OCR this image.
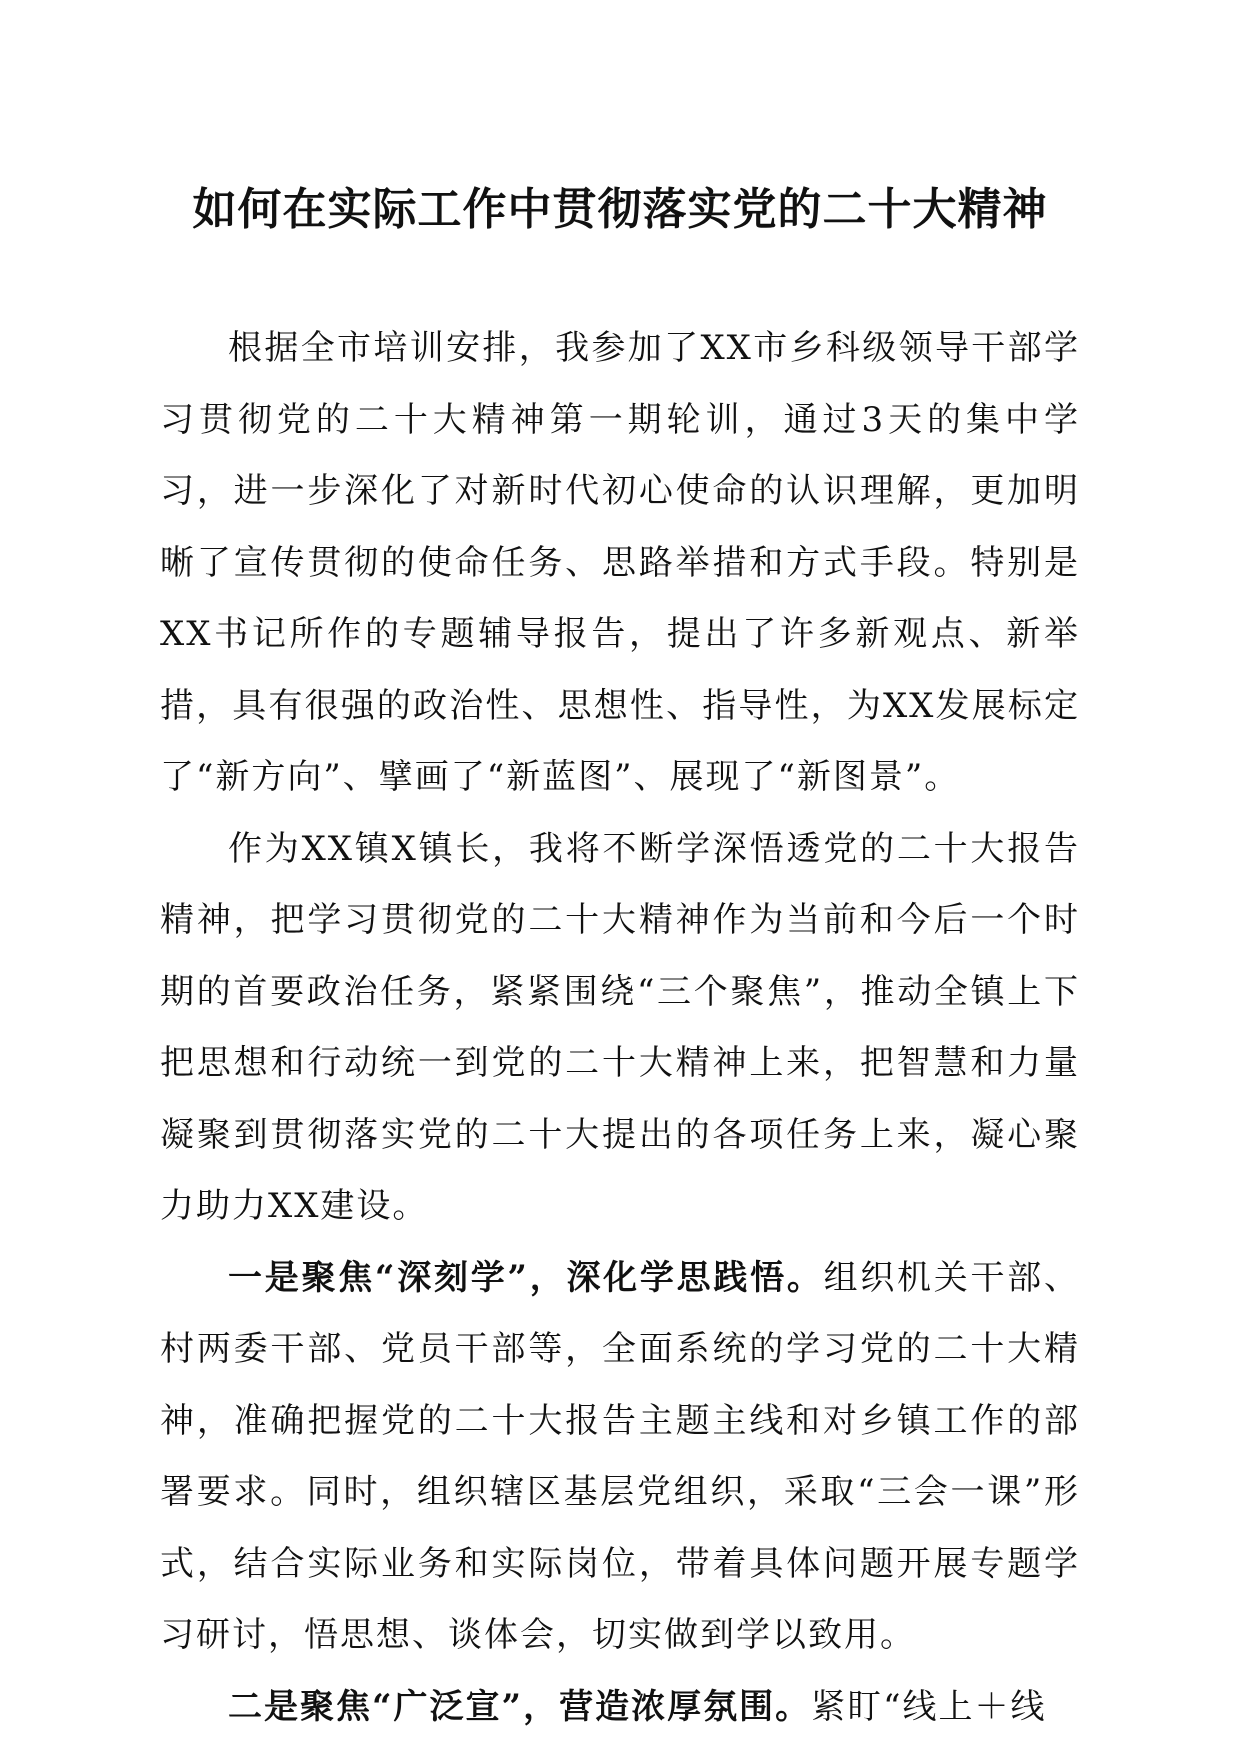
如何在实际工作中贯彻落实党的二十大精神

根据全市培训安排，我参加了XX市乡科级领导干部学习贯彻党的二十大精神第一期轮训，通过3天的集中学习，进一步深化了对新时代初心使命的认识理解，更加明晰了宣传贯彻的使命任务、思路举措和方式手段。特别是XX书记所作的专题辅导报告，提出了许多新观点、新举措，具有很强的政治性、思想性、指导性，为XX发展标定了“新方向”、擘画了“新蓝图”、展现了“新图景”。

作为XX镇X镇长，我将不断学深悟透党的二十大报告精神，把学习贯彻党的二十大精神作为当前和今后一个时期的首要政治任务，紧紧围绕“三个聚焦”，推动全镇上下把思想和行动统一到党的二十大精神上来，把智慧和力量凝聚到贯彻落实党的二十大提出的各项任务上来，凝心聚力助力XX建设。

一是聚焦“深刻学”，深化学思践悟。组织机关干部、村两委干部、党员干部等，全面系统的学习党的二十大精神，准确把握党的二十大报告主题主线和对乡镇工作的部署要求。同时，组织辖区基层党组织，采取“三会一课”形式，结合实际业务和实际岗位，带着具体问题开展专题学习研讨，悟思想、谈体会，切实做到学以致用。

二是聚焦“广泛宣”，营造浓厚氛围。紧盯“线上＋线
